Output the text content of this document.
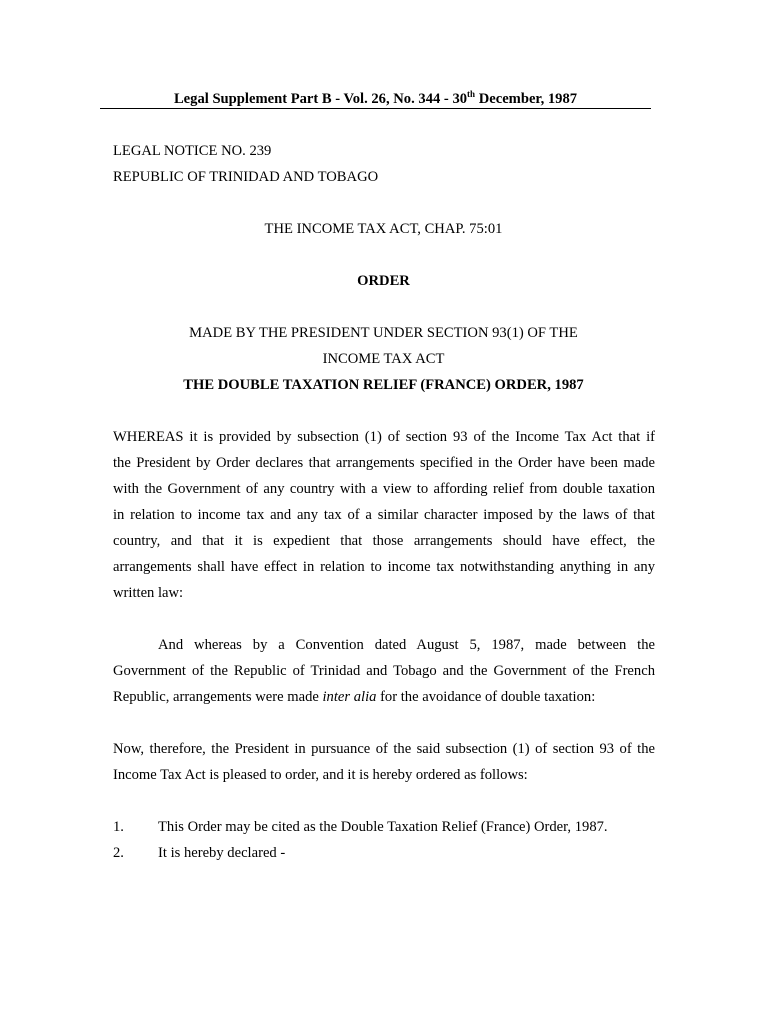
Legal Supplement Part B - Vol. 26, No. 344 - 30th December, 1987
LEGAL NOTICE NO. 239
REPUBLIC OF TRINIDAD AND TOBAGO
THE INCOME TAX ACT, CHAP. 75:01
ORDER
MADE BY THE PRESIDENT UNDER SECTION 93(1) OF THE
INCOME TAX ACT
THE DOUBLE TAXATION RELIEF (FRANCE) ORDER, 1987
WHEREAS it is provided by subsection (1) of section 93 of the Income Tax Act that if
the President by Order declares that arrangements specified in the Order have been made
with the Government of any country with a view to affording relief from double taxation
in relation to income tax and any tax of a similar character imposed by the laws of that
country, and that it is expedient that those arrangements should have effect, the
arrangements shall have effect in relation to income tax notwithstanding anything in any
written law:
And whereas by a Convention dated August 5, 1987, made between the
Government of the Republic of Trinidad and Tobago and the Government of the French
Republic, arrangements were made inter alia for the avoidance of double taxation:
Now, therefore, the President in pursuance of the said subsection (1) of section 93 of the
Income Tax Act is pleased to order, and it is hereby ordered as follows:
1. This Order may be cited as the Double Taxation Relief (France) Order, 1987.
2. It is hereby declared -
